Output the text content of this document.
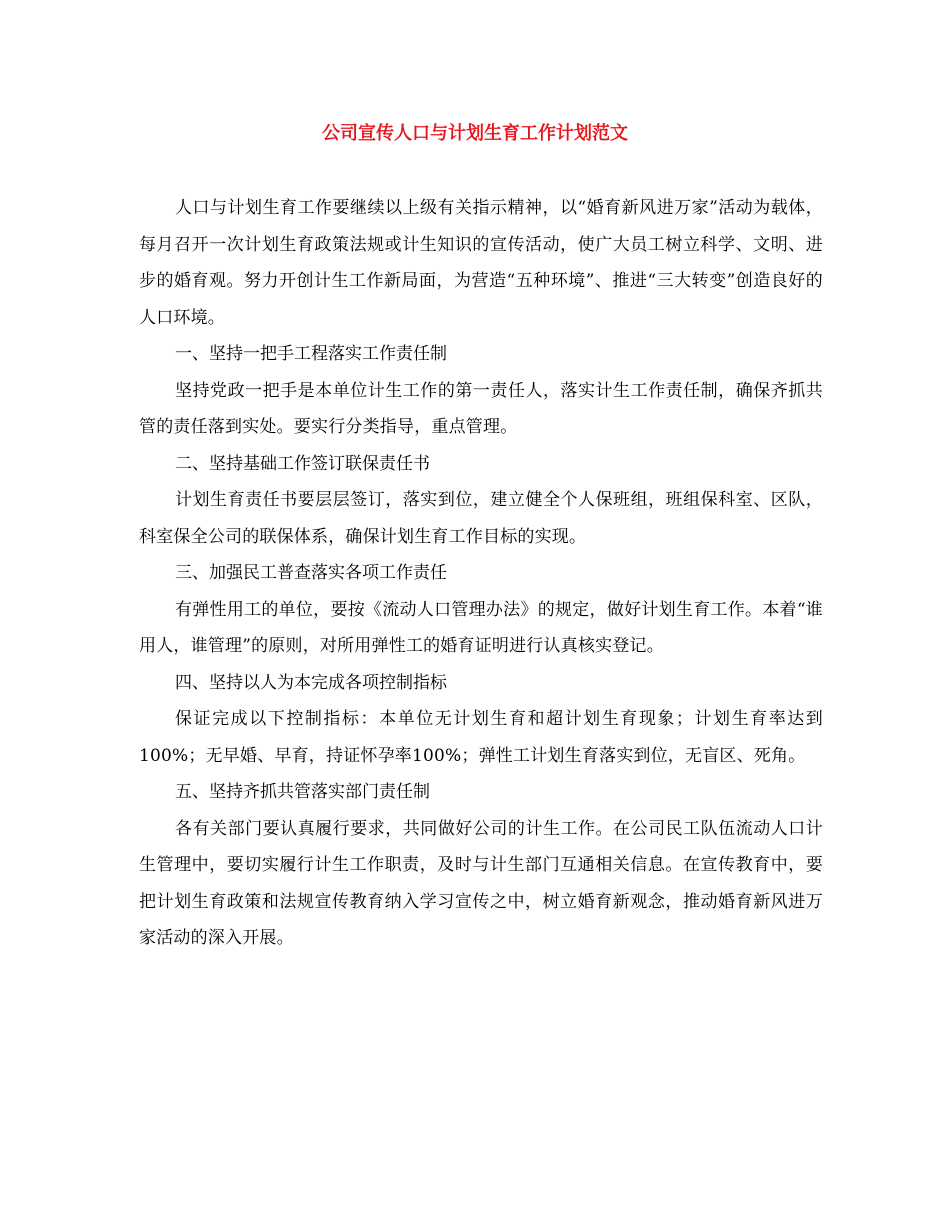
公司宣传人口与计划生育工作计划范文

人口与计划生育工作要继续以上级有关指示精神，以“婚育新风进万家”活动为载体，每月召开一次计划生育政策法规或计生知识的宣传活动，使广大员工树立科学、文明、进步的婚育观。努力开创计生工作新局面，为营造“五种环境”、推进“三大转变”创造良好的人口环境。

一、坚持一把手工程落实工作责任制

坚持党政一把手是本单位计生工作的第一责任人，落实计生工作责任制，确保齐抓共管的责任落到实处。要实行分类指导，重点管理。

二、坚持基础工作签订联保责任书

计划生育责任书要层层签订，落实到位，建立健全个人保班组，班组保科室、区队，科室保全公司的联保体系，确保计划生育工作目标的实现。

三、加强民工普查落实各项工作责任

有弹性用工的单位，要按《流动人口管理办法》的规定，做好计划生育工作。本着“谁用人，谁管理”的原则，对所用弹性工的婚育证明进行认真核实登记。

四、坚持以人为本完成各项控制指标

保证完成以下控制指标：本单位无计划生育和超计划生育现象；计划生育率达到100%；无早婚、早育，持证怀孕率100%；弹性工计划生育落实到位，无盲区、死角。

五、坚持齐抓共管落实部门责任制

各有关部门要认真履行要求，共同做好公司的计生工作。在公司民工队伍流动人口计生管理中，要切实履行计生工作职责，及时与计生部门互通相关信息。在宣传教育中，要把计划生育政策和法规宣传教育纳入学习宣传之中，树立婚育新观念，推动婚育新风进万家活动的深入开展。
